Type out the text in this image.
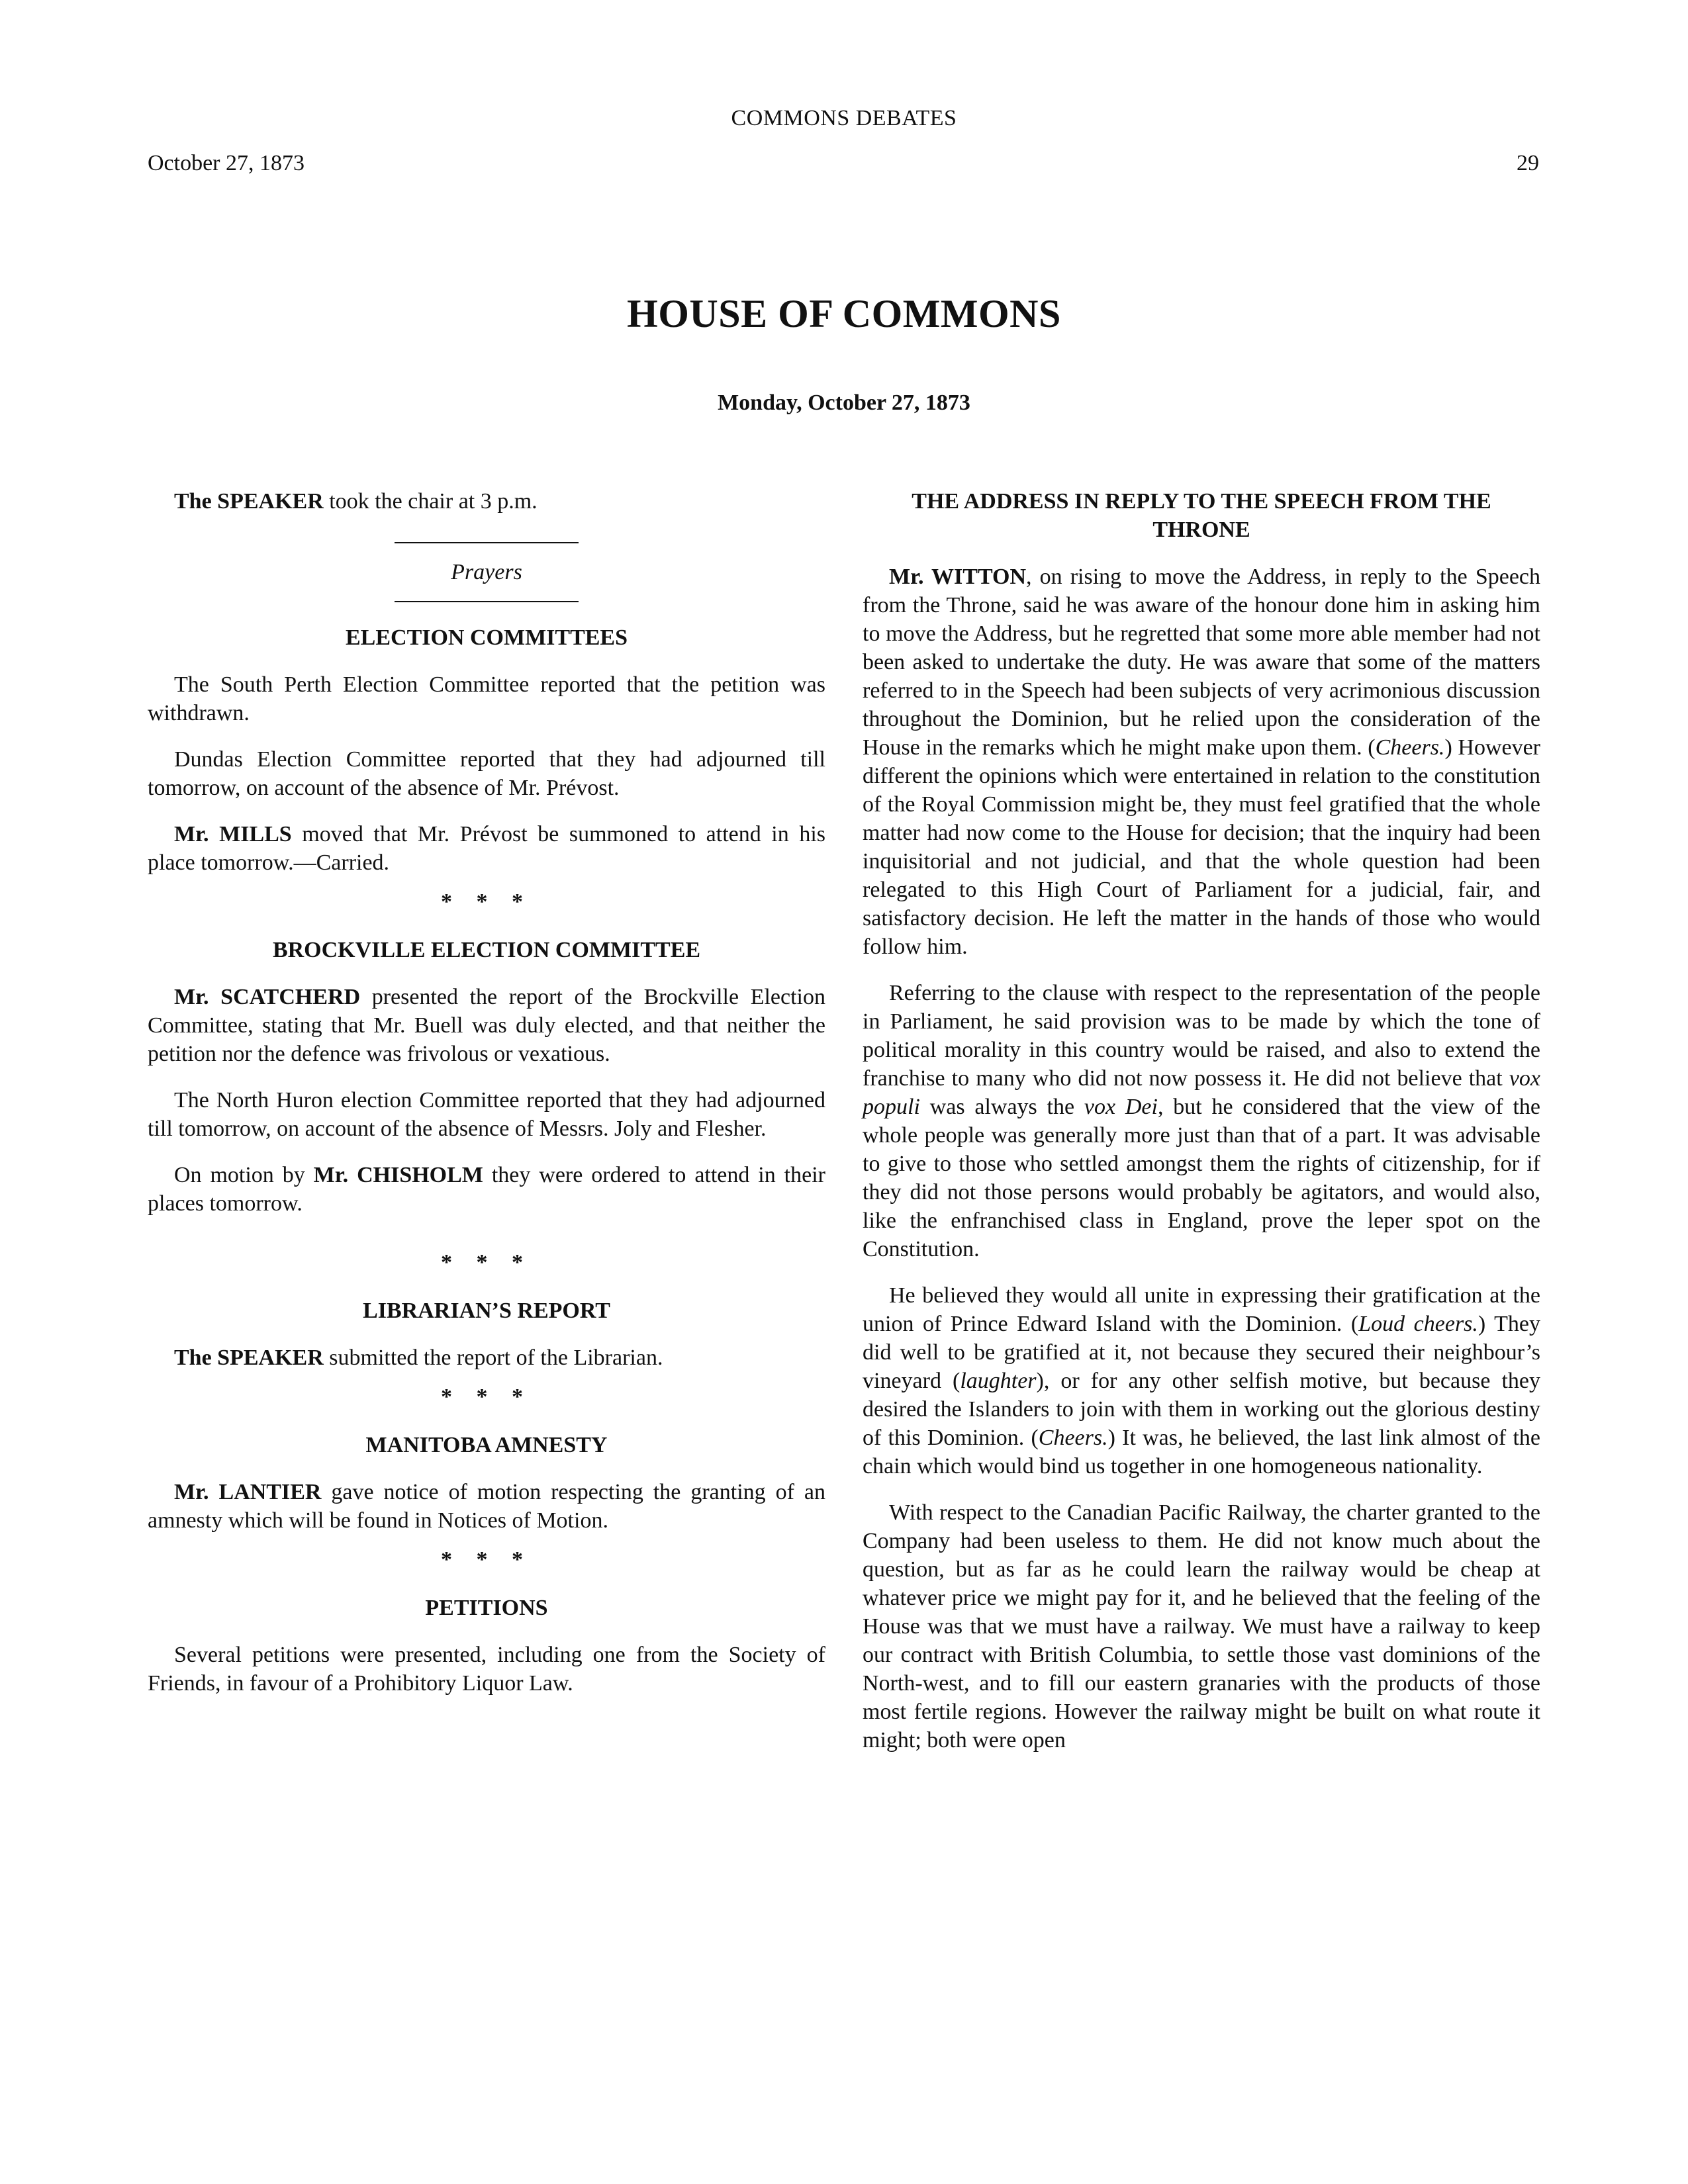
COMMONS DEBATES
October 27, 1873	29
HOUSE OF COMMONS
Monday, October 27, 1873

The SPEAKER took the chair at 3 p.m.

Prayers
ELECTION COMMITTEES

The South Perth Election Committee reported that the petition was withdrawn.

Dundas Election Committee reported that they had adjourned till tomorrow, on account of the absence of Mr. Prévost.

Mr. MILLS moved that Mr. Prévost be summoned to attend in his place tomorrow.—Carried.

* * *
BROCKVILLE ELECTION COMMITTEE

Mr. SCATCHERD presented the report of the Brockville Election Committee, stating that Mr. Buell was duly elected, and that neither the petition nor the defence was frivolous or vexatious.

The North Huron election Committee reported that they had adjourned till tomorrow, on account of the absence of Messrs. Joly and Flesher.

On motion by Mr. CHISHOLM they were ordered to attend in their places tomorrow.

* * *
LIBRARIAN’S REPORT

The SPEAKER submitted the report of the Librarian.

* * *
MANITOBA AMNESTY

Mr. LANTIER gave notice of motion respecting the granting of an amnesty which will be found in Notices of Motion.

* * *
PETITIONS

Several petitions were presented, including one from the Society of Friends, in favour of a Prohibitory Liquor Law.

THE ADDRESS IN REPLY TO THE SPEECH FROM THE THRONE

Mr. WITTON, on rising to move the Address, in reply to the Speech from the Throne, said he was aware of the honour done him in asking him to move the Address, but he regretted that some more able member had not been asked to undertake the duty. He was aware that some of the matters referred to in the Speech had been subjects of very acrimonious discussion throughout the Dominion, but he relied upon the consideration of the House in the remarks which he might make upon them. (Cheers.) However different the opinions which were entertained in relation to the constitution of the Royal Commission might be, they must feel gratified that the whole matter had now come to the House for decision; that the inquiry had been inquisitorial and not judicial, and that the whole question had been relegated to this High Court of Parliament for a judicial, fair, and satisfactory decision. He left the matter in the hands of those who would follow him.

Referring to the clause with respect to the representation of the people in Parliament, he said provision was to be made by which the tone of political morality in this country would be raised, and also to extend the franchise to many who did not now possess it. He did not believe that vox populi was always the vox Dei, but he considered that the view of the whole people was generally more just than that of a part. It was advisable to give to those who settled amongst them the rights of citizenship, for if they did not those persons would probably be agitators, and would also, like the enfranchised class in England, prove the leper spot on the Constitution.

He believed they would all unite in expressing their gratification at the union of Prince Edward Island with the Dominion. (Loud cheers.) They did well to be gratified at it, not because they secured their neighbour’s vineyard (laughter), or for any other selfish motive, but because they desired the Islanders to join with them in working out the glorious destiny of this Dominion. (Cheers.) It was, he believed, the last link almost of the chain which would bind us together in one homogeneous nationality.

With respect to the Canadian Pacific Railway, the charter granted to the Company had been useless to them. He did not know much about the question, but as far as he could learn the railway would be cheap at whatever price we might pay for it, and he believed that the feeling of the House was that we must have a railway. We must have a railway to keep our contract with British Columbia, to settle those vast dominions of the North-west, and to fill our eastern granaries with the products of those most fertile regions. However the railway might be built on what route it might; both were open
